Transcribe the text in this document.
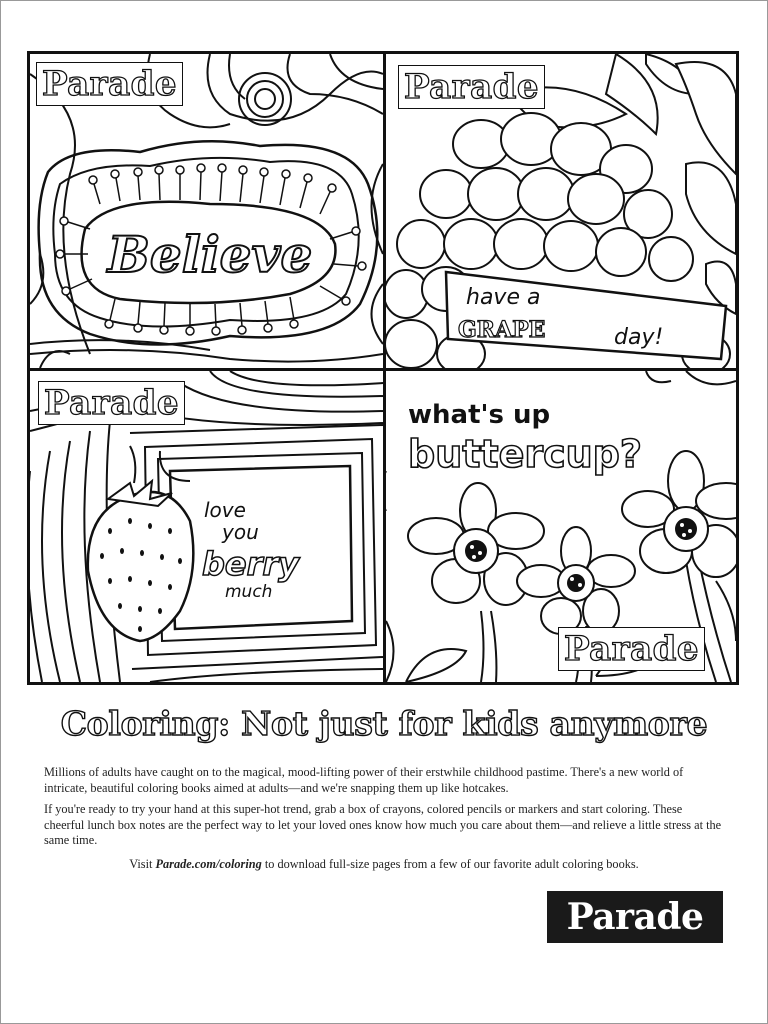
Believe
Parade
have a
GRAPE	day!
Parade
love
you
berry
much
Parade	what's up
buttercup?
Parade
Coloring: Not just for kids anymore

Millions of adults have caught on to the magical, mood-lifting power of their erstwhile childhood pastime. There's a new world of intricate, beautiful coloring books aimed at adults—and we're snapping them up like hotcakes.

If you're ready to try your hand at this super-hot trend, grab a box of crayons, colored pencils or markers and start coloring. These cheerful lunch box notes are the perfect way to let your loved ones know how much you care about them—and relieve a little stress at the same time.

Visit Parade.com/coloring to download full-size pages from a few of our favorite adult coloring books.
Parade
